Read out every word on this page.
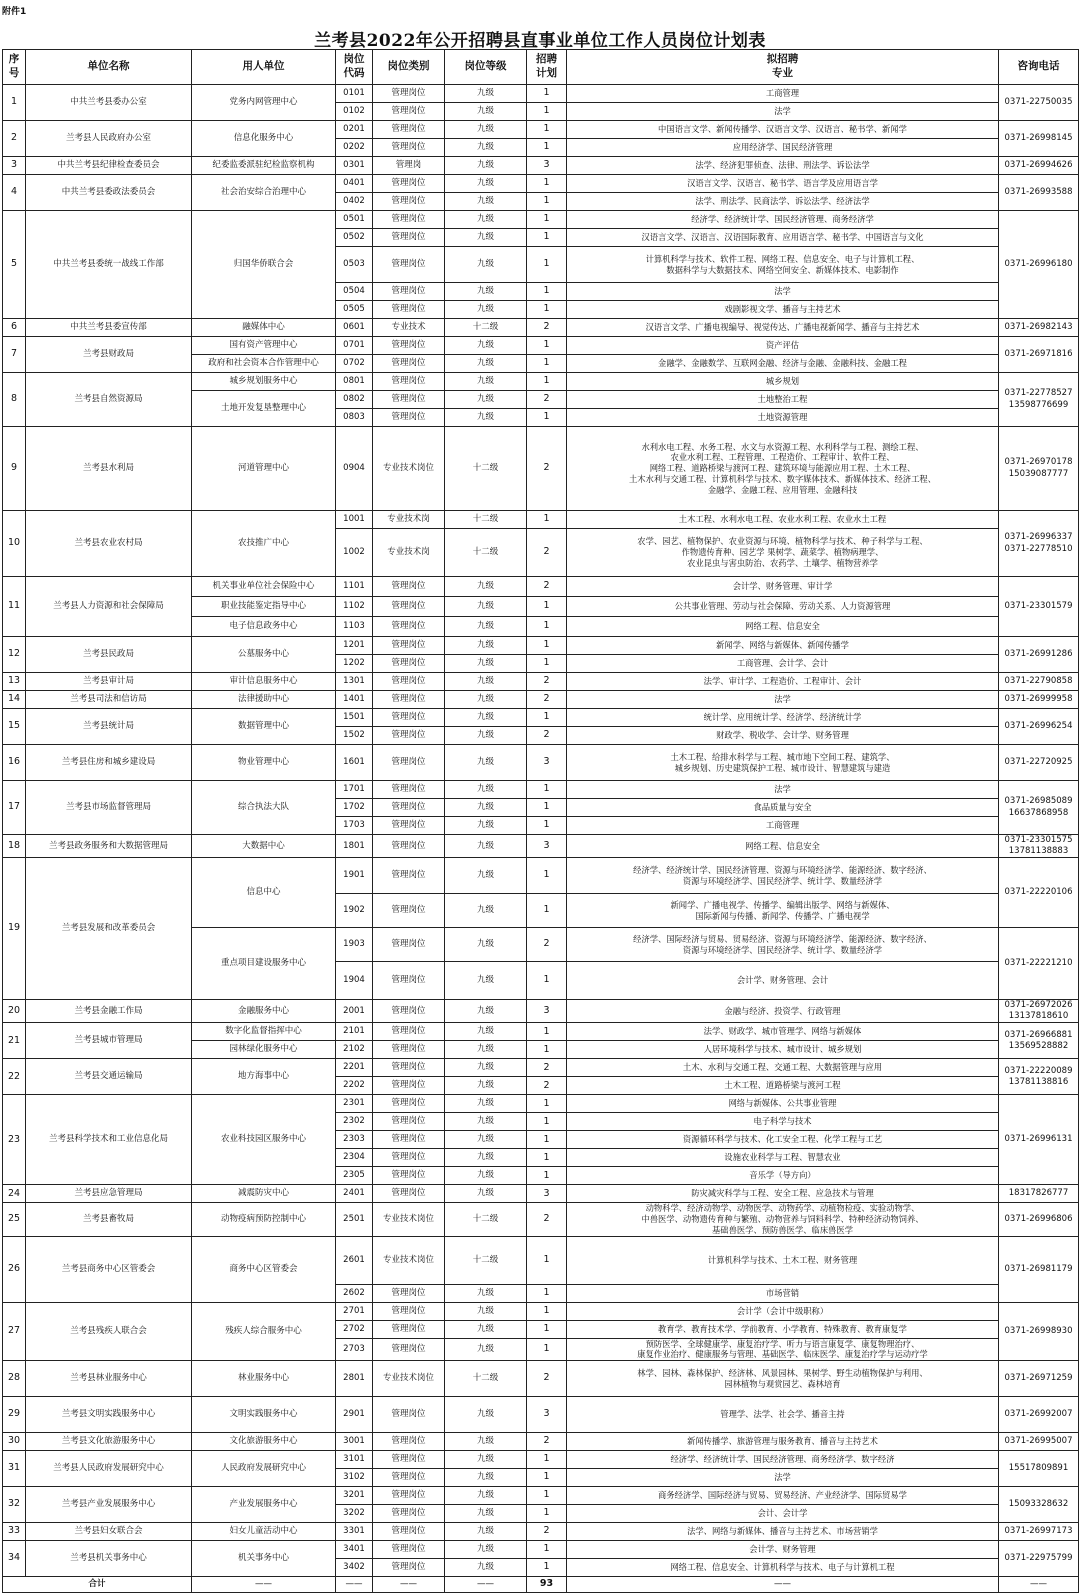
附件1
兰考县2022年公开招聘县直事业单位工作人员岗位计划表
序
号	单位名称	用人单位	岗位
代码	岗位类别	岗位等级	招聘
计划	拟招聘
专业	咨询电话
1	中共兰考县委办公室	党务内网管理中心	0101	管理岗位	九级	1	工商管理	0371-22750035
			0102	管理岗位	九级	1	法学	
2	兰考县人民政府办公室	信息化服务中心	0201	管理岗位	九级	1	中国语言文学、新闻传播学、汉语言文学、汉语言、秘书学、新闻学	0371-26998145
			0202	管理岗位	九级	1	应用经济学、国民经济管理	
3	中共兰考县纪律检查委员会	纪委监委派驻纪检监察机构	0301	管理岗	九级	3	法学、经济犯罪侦查、法律、刑法学、诉讼法学	0371-26994626
4	中共兰考县委政法委员会	社会治安综合治理中心	0401	管理岗位	九级	1	汉语言文学、汉语言、秘书学、语言学及应用语言学	0371-26993588
			0402	管理岗位	九级	1	法学、刑法学、民商法学、诉讼法学、经济法学	
5	中共兰考县委统一战线工作部	归国华侨联合会	0501	管理岗位	九级	1	经济学、经济统计学、国民经济管理、商务经济学	0371-26996180
			0502	管理岗位	九级	1	汉语言文学、汉语言、汉语国际教育、应用语言学、秘书学、中国语言与文化	
			0503	管理岗位	九级	1	计算机科学与技术、软件工程、网络工程、信息安全、电子与计算机工程、
数据科学与大数据技术、网络空间安全、新媒体技术、电影制作	
			0504	管理岗位	九级	1	法学	
			0505	管理岗位	九级	1	戏剧影视文学、播音与主持艺术	
6	中共兰考县委宣传部	融媒体中心	0601	专业技术	十二级	2	汉语言文学、广播电视编导、视觉传达、广播电视新闻学、播音与主持艺术	0371-26982143
7	兰考县财政局	国有资产管理中心	0701	管理岗位	九级	1	资产评估	0371-26971816
		政府和社会资本合作管理中心	0702	管理岗位	九级	1	金融学、金融数学、互联网金融、经济与金融、金融科技、金融工程	
8	兰考县自然资源局	城乡规划服务中心	0801	管理岗位	九级	1	城乡规划	0371-22778527
13598776699
		土地开发复垦整理中心	0802	管理岗位	九级	2	土地整治工程	
			0803	管理岗位	九级	1	土地资源管理	
9	兰考县水利局	河道管理中心	0904	专业技术岗位	十二级	2	水利水电工程、水务工程、水文与水资源工程、水利科学与工程、测绘工程、
农业水利工程、工程管理、工程造价、工程审计、软件工程、
网络工程、道路桥梁与渡河工程、建筑环境与能源应用工程、土木工程、
土木水利与交通工程、计算机科学与技术、数字媒体技术、新媒体技术、经济工程、
金融学、金融工程、应用管理、金融科技	0371-26970178
15039087777
10	兰考县农业农村局	农技推广中心	1001	专业技术岗	十二级	1	土木工程、水利水电工程、农业水利工程、农业水土工程	0371-26996337
0371-22778510
			1002	专业技术岗	十二级	2	农学、园艺、植物保护、农业资源与环境、植物科学与技术、种子科学与工程、
作物遗传育种、园艺学 果树学、蔬菜学、植物病理学、
农业昆虫与害虫防治、农药学、土壤学、植物营养学	
11	兰考县人力资源和社会保障局	机关事业单位社会保险中心	1101	管理岗位	九级	2	会计学、财务管理、审计学	0371-23301579
		职业技能鉴定指导中心	1102	管理岗位	九级	1	公共事业管理、劳动与社会保障、劳动关系、人力资源管理	
		电子信息政务中心	1103	管理岗位	九级	1	网络工程、信息安全	
12	兰考县民政局	公墓服务中心	1201	管理岗位	九级	1	新闻学、网络与新媒体、新闻传播学	0371-26991286
			1202	管理岗位	九级	1	工商管理、会计学、会计	
13	兰考县审计局	审计信息服务中心	1301	管理岗位	九级	2	法学、审计学、工程造价、工程审计、会计	0371-22790858
14	兰考县司法和信访局	法律援助中心	1401	管理岗位	九级	2	法学	0371-26999958
15	兰考县统计局	数据管理中心	1501	管理岗位	九级	1	统计学、应用统计学、经济学、经济统计学	0371-26996254
			1502	管理岗位	九级	2	财政学、税收学、会计学、财务管理	
16	兰考县住房和城乡建设局	物业管理中心	1601	管理岗位	九级	3	土木工程、给排水科学与工程、城市地下空间工程、建筑学、
城乡规划、历史建筑保护工程、城市设计、智慧建筑与建造	0371-22720925
17	兰考县市场监督管理局	综合执法大队	1701	管理岗位	九级	1	法学	0371-26985089
16637868958
			1702	管理岗位	九级	1	食品质量与安全	
			1703	管理岗位	九级	1	工商管理	
18	兰考县政务服务和大数据管理局	大数据中心	1801	管理岗位	九级	3	网络工程、信息安全	0371-23301575
13781138883
19	兰考县发展和改革委员会	信息中心	1901	管理岗位	九级	1	经济学、经济统计学、国民经济管理、资源与环境经济学、能源经济、数字经济、
资源与环境经济学、国民经济学、统计学、数量经济学	0371-22220106
			1902	管理岗位	九级	1	新闻学、广播电视学、传播学、编辑出版学、网络与新媒体、
国际新闻与传播、新闻学、传播学、广播电视学	
		重点项目建设服务中心	1903	管理岗位	九级	2	经济学、国际经济与贸易、贸易经济、资源与环境经济学、能源经济、数字经济、
资源与环境经济学、国民经济学、统计学、数量经济学	0371-22221210
			1904	管理岗位	九级	1	会计学、财务管理、会计	
20	兰考县金融工作局	金融服务中心	2001	管理岗位	九级	3	金融与经济、投资学、行政管理	0371-26972026
13137818610
21	兰考县城市管理局	数字化监督指挥中心	2101	管理岗位	九级	1	法学、财政学、城市管理学、网络与新媒体	0371-26966881
13569528882
		园林绿化服务中心	2102	管理岗位	九级	1	人居环境科学与技术、城市设计、城乡规划	
22	兰考县交通运输局	地方海事中心	2201	管理岗位	九级	2	土木、水利与交通工程、交通工程、大数据管理与应用	0371-22220089
13781138816
			2202	管理岗位	九级	2	土木工程、道路桥梁与渡河工程	
23	兰考县科学技术和工业信息化局	农业科技园区服务中心	2301	管理岗位	九级	1	网络与新媒体、公共事业管理	0371-26996131
			2302	管理岗位	九级	1	电子科学与技术	
			2303	管理岗位	九级	1	资源循环科学与技术、化工安全工程、化学工程与工艺	
			2304	管理岗位	九级	1	设施农业科学与工程、智慧农业	
			2305	管理岗位	九级	1	音乐学（导方向）	
24	兰考县应急管理局	减震防灾中心	2401	管理岗位	九级	3	防灾减灾科学与工程、安全工程、应急技术与管理	18317826777
25	兰考县畜牧局	动物疫病预防控制中心	2501	专业技术岗位	十二级	2	动物科学、经济动物学、动物医学、动物药学、动植物检疫、实验动物学、
中兽医学、动物遗传育种与繁殖、动物营养与饲料科学、特种经济动物饲养、
基础兽医学、预防兽医学、临床兽医学	0371-26996806
26	兰考县商务中心区管委会	商务中心区管委会	2601	专业技术岗位	十二级	1	计算机科学与技术、土木工程、财务管理	0371-26981179
			2602	管理岗位	九级	1	市场营销	
27	兰考县残疾人联合会	残疾人综合服务中心	2701	管理岗位	九级	1	会计学（会计中级职称）	0371-26998930
			2702	管理岗位	九级	1	教育学、教育技术学、学前教育、小学教育、特殊教育、教育康复学	
			2703	管理岗位	九级	1	预防医学、全球健康学、康复治疗学、听力与语言康复学、康复物理治疗、
康复作业治疗、健康服务与管理、基础医学、临床医学、康复治疗学与运动疗学	
28	兰考县林业服务中心	林业服务中心	2801	专业技术岗位	十二级	2	林学、园林、森林保护、经济林、风景园林、果树学、野生动植物保护与利用、
园林植物与观赏园艺、森林培育	0371-26971259
29	兰考县文明实践服务中心	文明实践服务中心	2901	管理岗位	九级	3	管理学、法学、社会学、播音主持	0371-26992007
30	兰考县文化旅游服务中心	文化旅游服务中心	3001	管理岗位	九级	2	新闻传播学、旅游管理与服务教育、播音与主持艺术	0371-26995007
31	兰考县人民政府发展研究中心	人民政府发展研究中心	3101	管理岗位	九级	1	经济学、经济统计学、国民经济管理、商务经济学、数字经济	15517809891
			3102	管理岗位	九级	1	法学	
32	兰考县产业发展服务中心	产业发展服务中心	3201	管理岗位	九级	1	商务经济学、国际经济与贸易、贸易经济、产业经济学、国际贸易学	15093328632
			3202	管理岗位	九级	1	会计、会计学	
33	兰考县妇女联合会	妇女儿童活动中心	3301	管理岗位	九级	2	法学、网络与新媒体、播音与主持艺术、市场营销学	0371-26997173
34	兰考县机关事务中心	机关事务中心	3401	管理岗位	九级	1	会计学、财务管理	0371-22975799
			3402	管理岗位	九级	1	网络工程、信息安全、计算机科学与技术、电子与计算机工程	
合计		——	——	——	——	93	——	——
